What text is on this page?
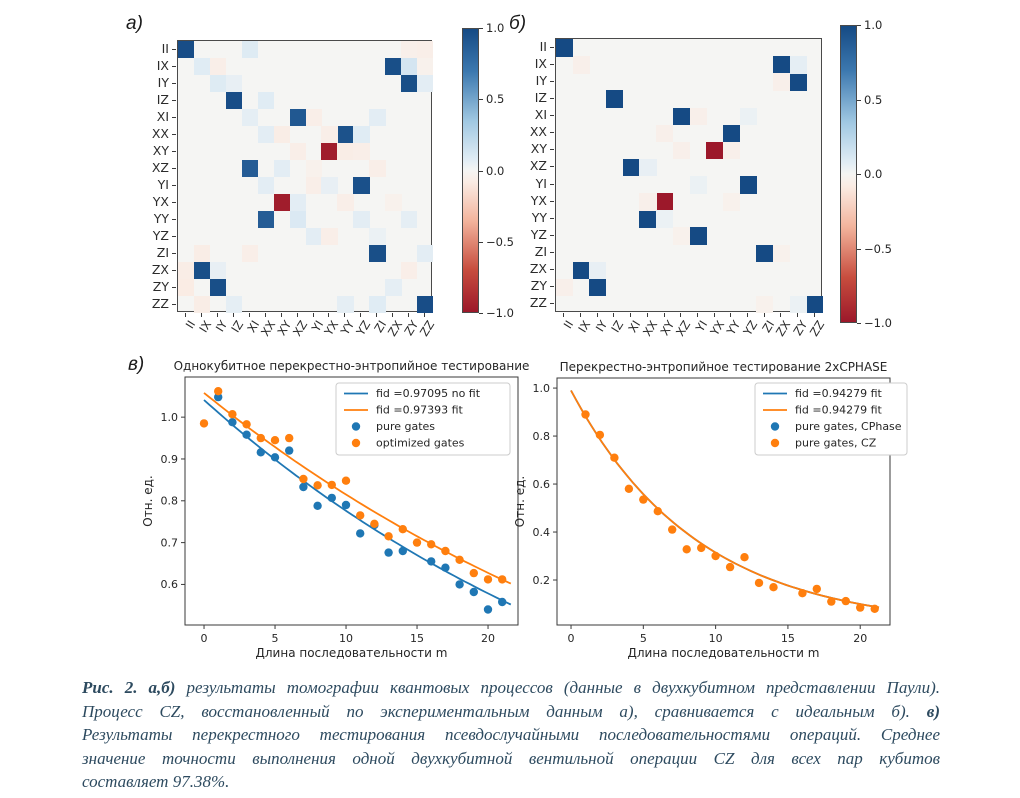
а)	б)
в) Однокубитное перекрестно-энтропийное тестирование
0	5	10	15	20
1.0
0.9
0.8
0.7
0.6
Длина последовательности m
Отн. ед.
fid =0.97095 no fit
fid =0.97393 fit
pure gates
optimized gates
Перекрестно-энтропийное тестирование 2xCPHASE
0	5	10	15	20
1.0
0.8
0.6
0.4
0.2
Длина последовательности m
Отн. ед.
fid =0.94279 fit
fid =0.94279 fit
pure gates, CPhase
pure gates, CZ
Рис. 2. а,б) результаты томографии квантовых процессов (данные в двухкубитном представлении Паули).
Процесс CZ, восстановленный по экспериментальным данным а), сравнивается с идеальным б). в)
Результаты перекрестного тестирования псевдослучайными последовательностями операций. Среднее
значение точности выполнения одной двухкубитной вентильной операции CZ для всех пар кубитов
составляет 97.38%.
II
II
IX
IX
IY
IY
IZ
IZ
XI
XI
XX
XX
XY
XY
XZ
XZ
YI
YI
YX
YX
YY
YY
YZ
YZ
ZI
ZI
ZX
ZX
ZY
ZY
ZZ
ZZ
II
II
IX
IX
IY
IY
IZ
IZ
XI
XI
XX
XX
XY
XY
XZ
XZ
YI
YI
YX
YX
YY
YY
YZ
YZ
ZI
ZI
ZX
ZX
ZY
ZY
ZZ
ZZ
1.0
0.5
0.0
−0.5
−1.0
1.0
0.5
0.0
−0.5
−1.0
